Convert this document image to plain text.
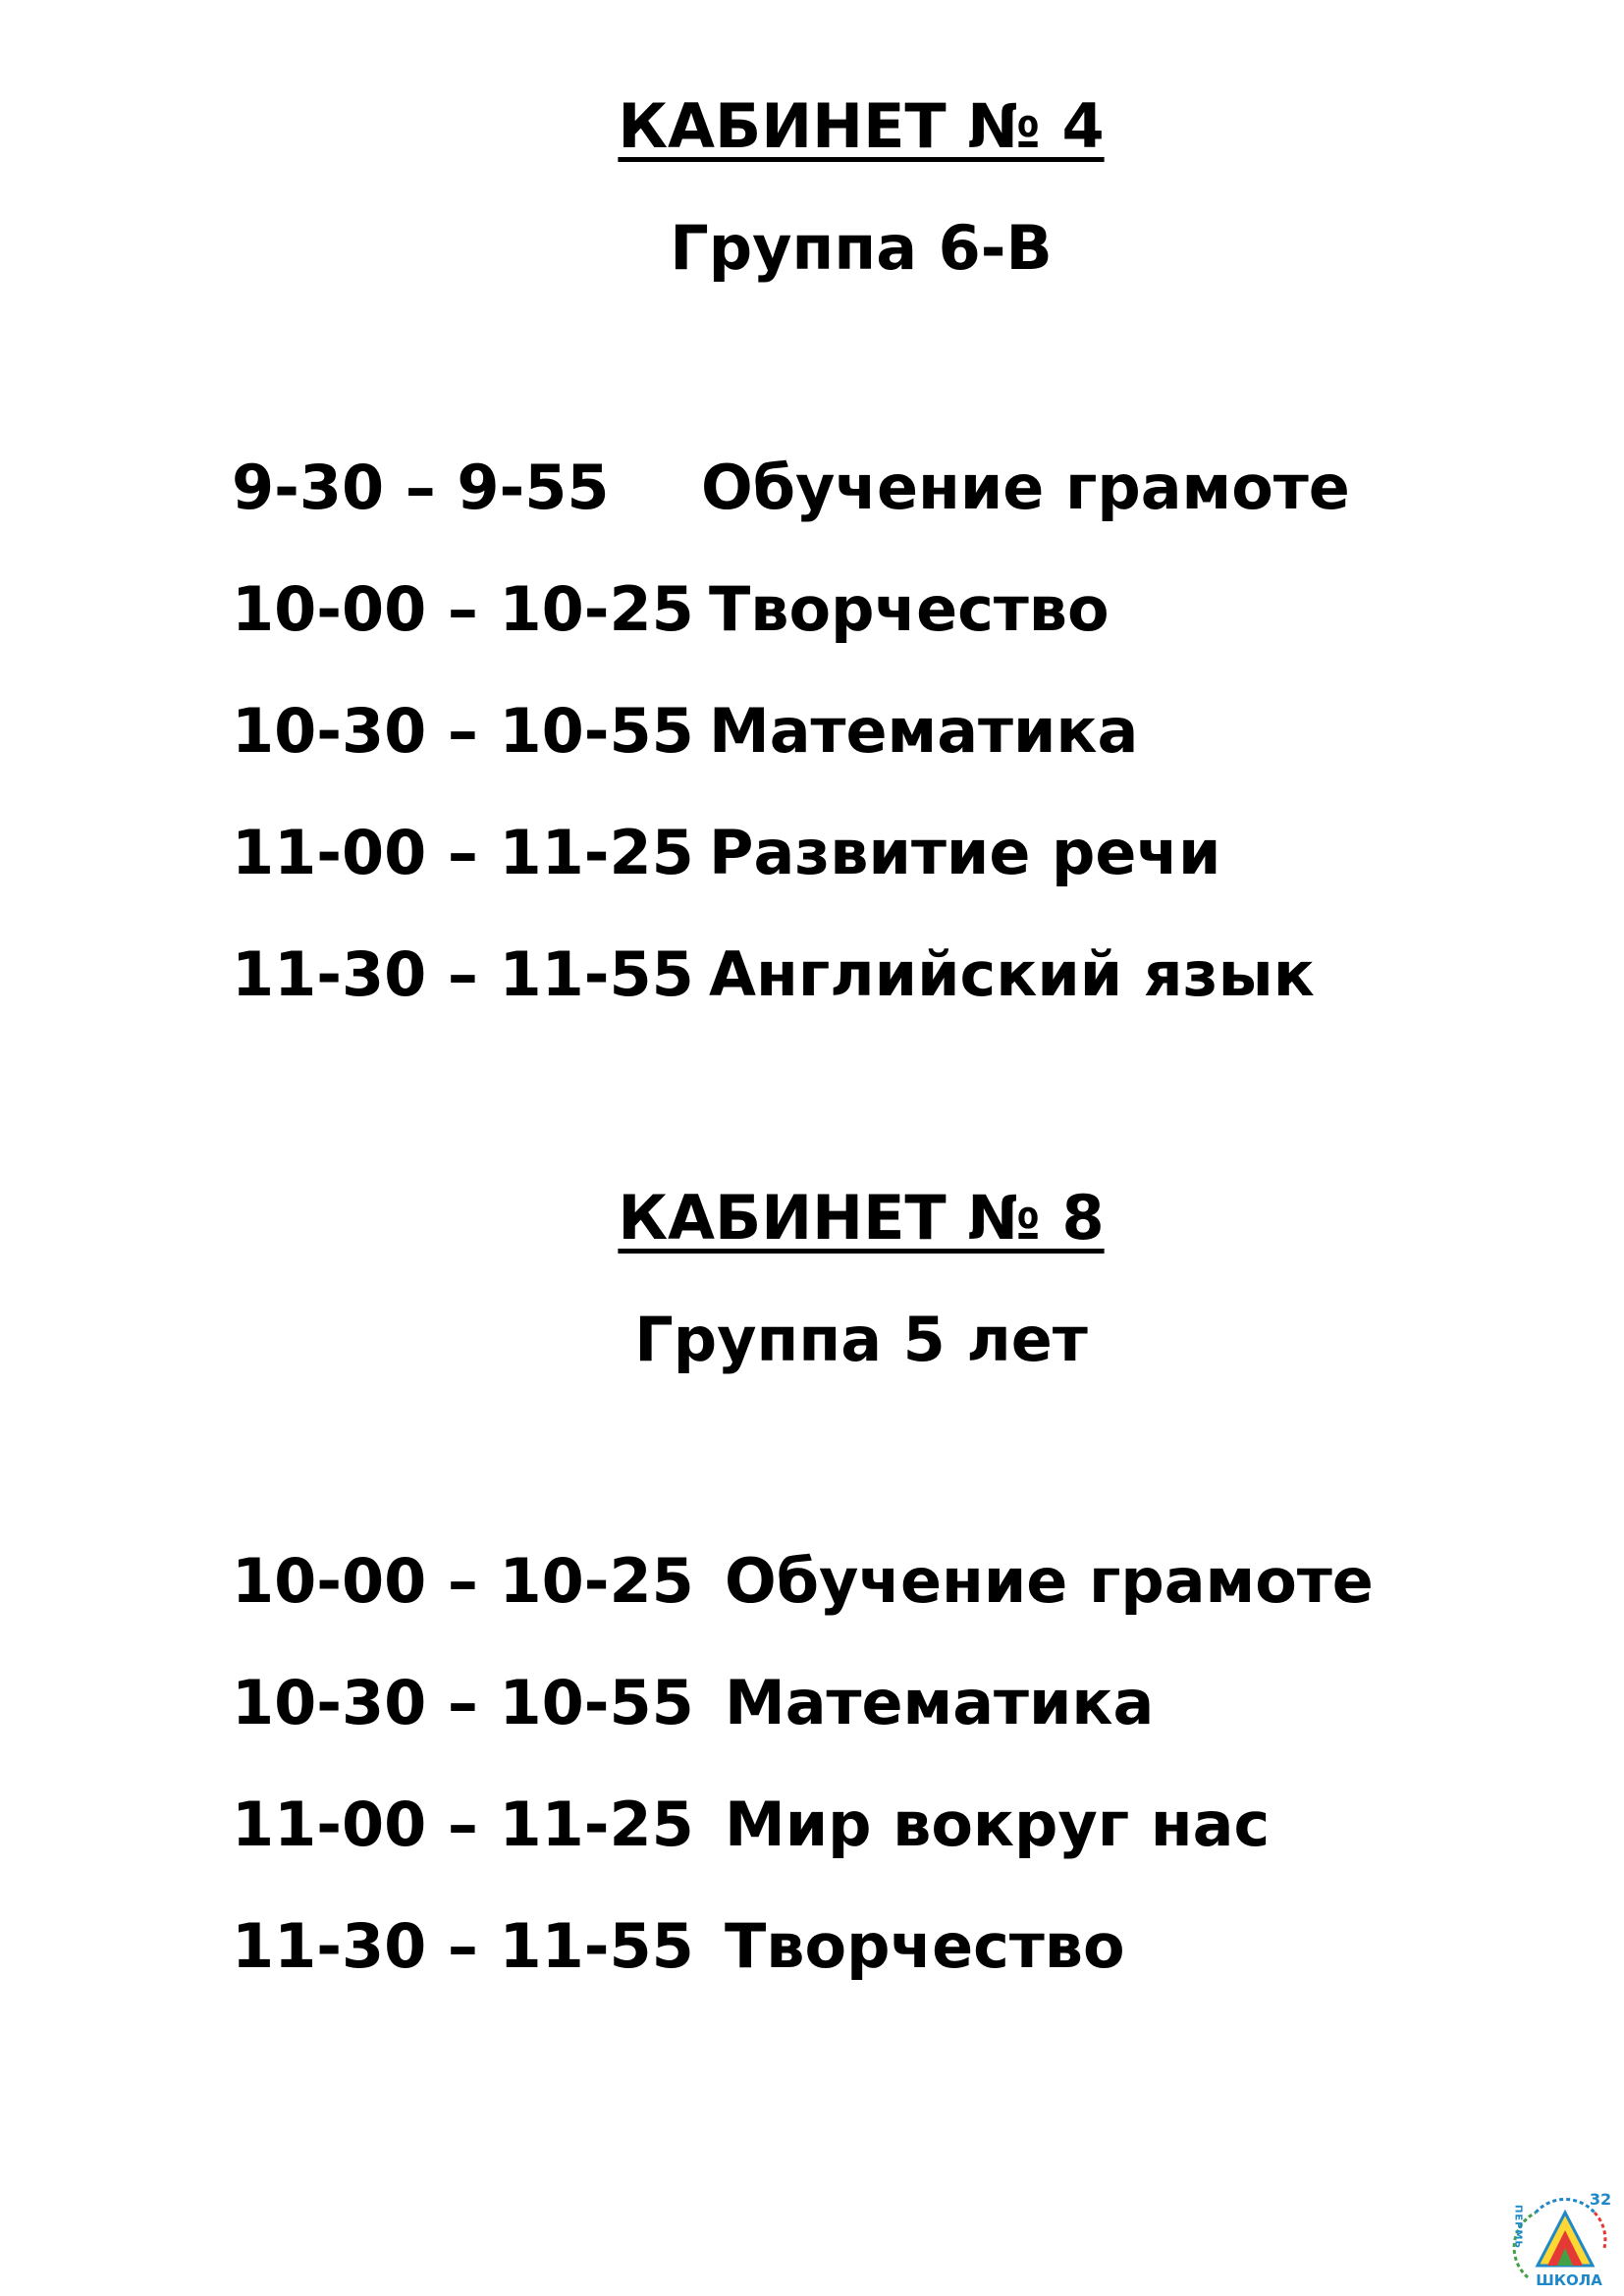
КАБИНЕТ № 4
Группа 6-В
9-30 – 9-55 Обучение грамоте
10-00 – 10-25 Творчество
10-30 – 10-55 Математика
11-00 – 11-25 Развитие речи
11-30 – 11-55 Английский язык
КАБИНЕТ № 8
Группа 5 лет
10-00 – 10-25 Обучение грамоте
10-30 – 10-55 Математика
11-00 – 11-25 Мир вокруг нас
11-30 – 11-55 Творчество
32
ПЕРМЬ
ШКОЛА
